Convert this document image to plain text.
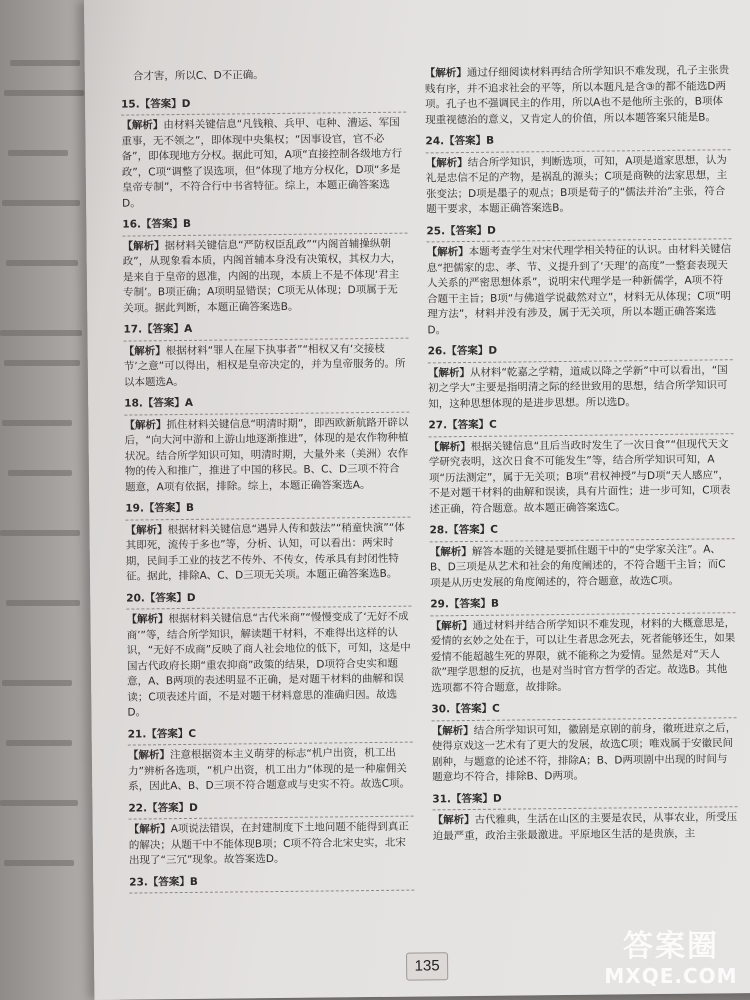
合才害，所以C、D不正确。
15.【答案】D
【解析】由材料关键信息“凡钱粮、兵甲、屯种、漕运、军国重事，无不领之”，即体现中央集权；“因事设官，官不必备”，即体现地方分权。据此可知，A项“直接控制各级地方行政”，C项“调整了误选项，但”体现了地方分权化，D项“多是皇帝专制”，不符合行中书省特征。综上，本题正确答案选D。
16.【答案】B
【解析】据材料关键信息“严防权臣乱政”“内阁首辅操纵朝政”，从现象看本质，内阁首辅本身没有决策权，其权力大，是来自于皇帝的恩准，内阁的出现，本质上不是不体现‘君主专制’。B项正确；A项明显错误；C项无从体现；D项属于无关项。据此判断，本题正确答案选B。
17.【答案】A
【解析】根据材料“罪人在屋下执事者”“相权又有‘交接枝节’之意”可以得出，相权是皇帝决定的，并为皇帝服务的。所以本题选A。
18.【答案】A
【解析】抓住材料关键信息“明清时期”，即西欧新航路开辟以后，“向大河中游和上游山地逐渐推进”，体现的是农作物种植状况。结合所学知识可知，明清时期，大量外来（美洲）农作物的传入和推广，推进了中国的移民。B、C、D三项不符合题意，A项有依据，排除。综上，本题正确答案选A。
19.【答案】B
【解析】根据材料关键信息“遇异人传和鼓法”“稍童快演”“体其即死，流传于多也”等，分析、认知，可以看出：两宋时期，民间手工业的技艺不传外、不传女，传承具有封闭性特征。据此，排除A、C、D三项无关项。本题正确答案选B。
20.【答案】D
【解析】根据材料关键信息“古代米商”“慢慢变成了‘无好不成商’”等，结合所学知识，解读题干材料，不难得出这样的认识，“无好不成商”反映了商人社会地位的低下，可知，这是中国古代政府长期“重农抑商”政策的结果，D项符合史实和题意，A、B两项的表述明显不正确，是对题干材料的曲解和误读；C项表述片面，不是对题干材料意思的准确归因。故选D。
21.【答案】C
【解析】注意根据资本主义萌芽的标志“机户出资，机工出力”辨析各选项，“机户出资，机工出力”体现的是一种雇佣关系，因此A、B、D三项不符合题意或与史实不符。故选C项。
22.【答案】D
【解析】A项说法错误，在封建制度下土地问题不能得到真正的解决；从题干中不能体现B项；C项不符合北宋史实，北宋出现了“三冗”现象。故答案选D。
23.【答案】B
【解析】通过仔细阅读材料再结合所学知识不难发现，孔子主张贵贱有序，并不追求社会的平等，所以本题凡是含③的都不能选D两项。孔子也不强调民主的作用，所以A也不是他所主张的，B项体现重视德治的意义，又肯定人的价值，所以本题答案只能是B。
24.【答案】B
【解析】结合所学知识，判断选项，可知，A项是道家思想，认为礼是忠信不足的产物，是祸乱的源头；C项是商鞅的法家思想，主张变法；D项是墨子的观点；B项是荀子的“儒法并治”主张，符合题干要求，本题正确答案选B。
25.【答案】D
【解析】本题考查学生对宋代理学相关特征的认识。由材料关键信息“把儒家的忠、孝、节、义提升到了‘天理’的高度”一整套表现天人关系的严密思想体系”，说明宋代理学是一种新儒学，A项不符合题干主旨；B项“与佛道学说截然对立”，材料无从体现；C项“明理方法”，材料并没有涉及，属于无关项，所以本题正确答案选D。
26.【答案】D
【解析】从材料“乾嘉之学精，道咸以降之学新”中可以看出，“国初之学大”主要是指明清之际的经世致用的思想，结合所学知识可知，这种思想体现的是进步思想。所以选D。
27.【答案】C
【解析】根据关键信息“且后当政时发生了一次日食”“但现代天文学研究表明，这次日食不可能发生”等，结合所学知识可知，A项“历法测定”，属于无关项；B项“君权神授”与D项“天人感应”，不是对题干材料的曲解和误读，具有片面性；进一步可知，C项表述正确，符合题意。故本题正确答案选C。
28.【答案】C
【解析】解答本题的关键是要抓住题干中的“史学家关注”。A、B、D三项是从艺术和社会的角度阐述的，不符合题干主旨；而C项是从历史发展的角度阐述的，符合题意，故选C项。
29.【答案】B
【解析】通过材料并结合所学知识不难发现，材料的大概意思是，爱情的玄妙之处在于，可以让生者思念死去，死者能够还生，如果爱情不能超越生死的界限，就不能称之为爱情。显然是对“天人欲”理学思想的反抗，也是对当时官方哲学的否定。故选B。其他选项都不符合题意，故排除。
30.【答案】C
【解析】结合所学知识可知，徽剧是京剧的前身，徽班进京之后，使得京戏这一艺术有了更大的发展，故选C项；唯戏属于安徽民间剧种，与题意的论述不符，排除A；B、D两项剧中出现的时间与题意均不符合，排除B、D两项。
31.【答案】D
【解析】古代雅典，生活在山区的主要是农民，从事农业，所受压迫最严重，政治主张最激进。平原地区生活的是贵族，主
135
答案圈
MXQE.COM
